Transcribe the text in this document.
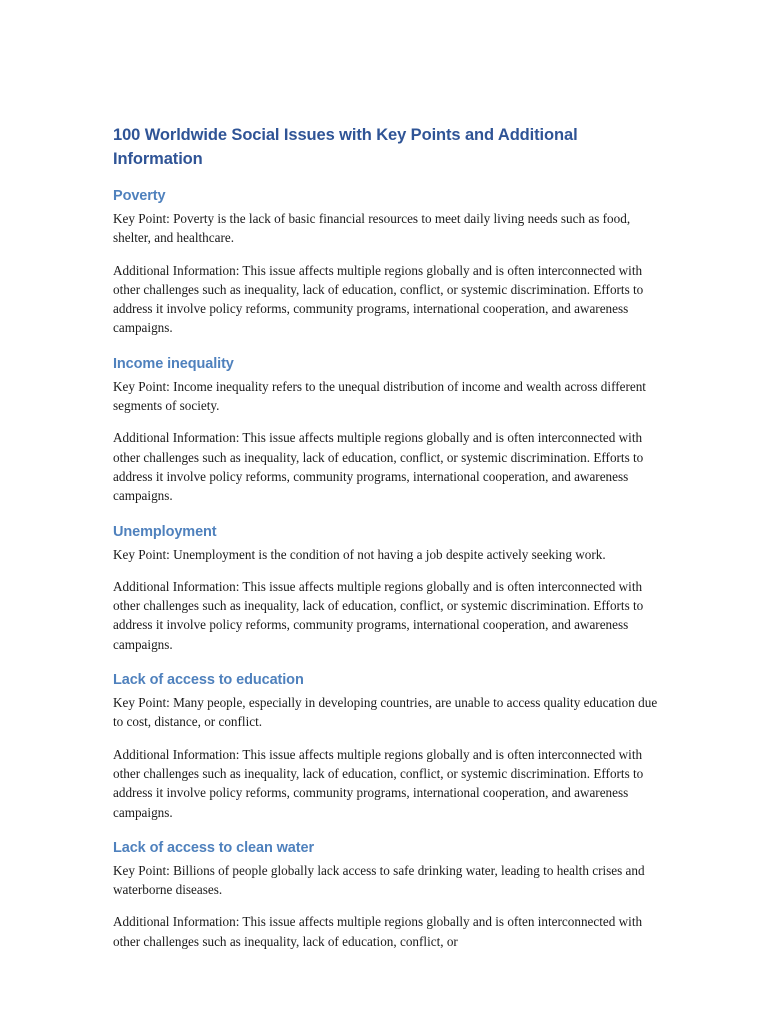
100 Worldwide Social Issues with Key Points and Additional Information
Poverty

Key Point: Poverty is the lack of basic financial resources to meet daily living needs such as food, shelter, and healthcare.

Additional Information: This issue affects multiple regions globally and is often interconnected with other challenges such as inequality, lack of education, conflict, or systemic discrimination. Efforts to address it involve policy reforms, community programs, international cooperation, and awareness campaigns.

Income inequality

Key Point: Income inequality refers to the unequal distribution of income and wealth across different segments of society.

Additional Information: This issue affects multiple regions globally and is often interconnected with other challenges such as inequality, lack of education, conflict, or systemic discrimination. Efforts to address it involve policy reforms, community programs, international cooperation, and awareness campaigns.

Unemployment

Key Point: Unemployment is the condition of not having a job despite actively seeking work.

Additional Information: This issue affects multiple regions globally and is often interconnected with other challenges such as inequality, lack of education, conflict, or systemic discrimination. Efforts to address it involve policy reforms, community programs, international cooperation, and awareness campaigns.

Lack of access to education

Key Point: Many people, especially in developing countries, are unable to access quality education due to cost, distance, or conflict.

Additional Information: This issue affects multiple regions globally and is often interconnected with other challenges such as inequality, lack of education, conflict, or systemic discrimination. Efforts to address it involve policy reforms, community programs, international cooperation, and awareness campaigns.

Lack of access to clean water

Key Point: Billions of people globally lack access to safe drinking water, leading to health crises and waterborne diseases.

Additional Information: This issue affects multiple regions globally and is often interconnected with other challenges such as inequality, lack of education, conflict, or
